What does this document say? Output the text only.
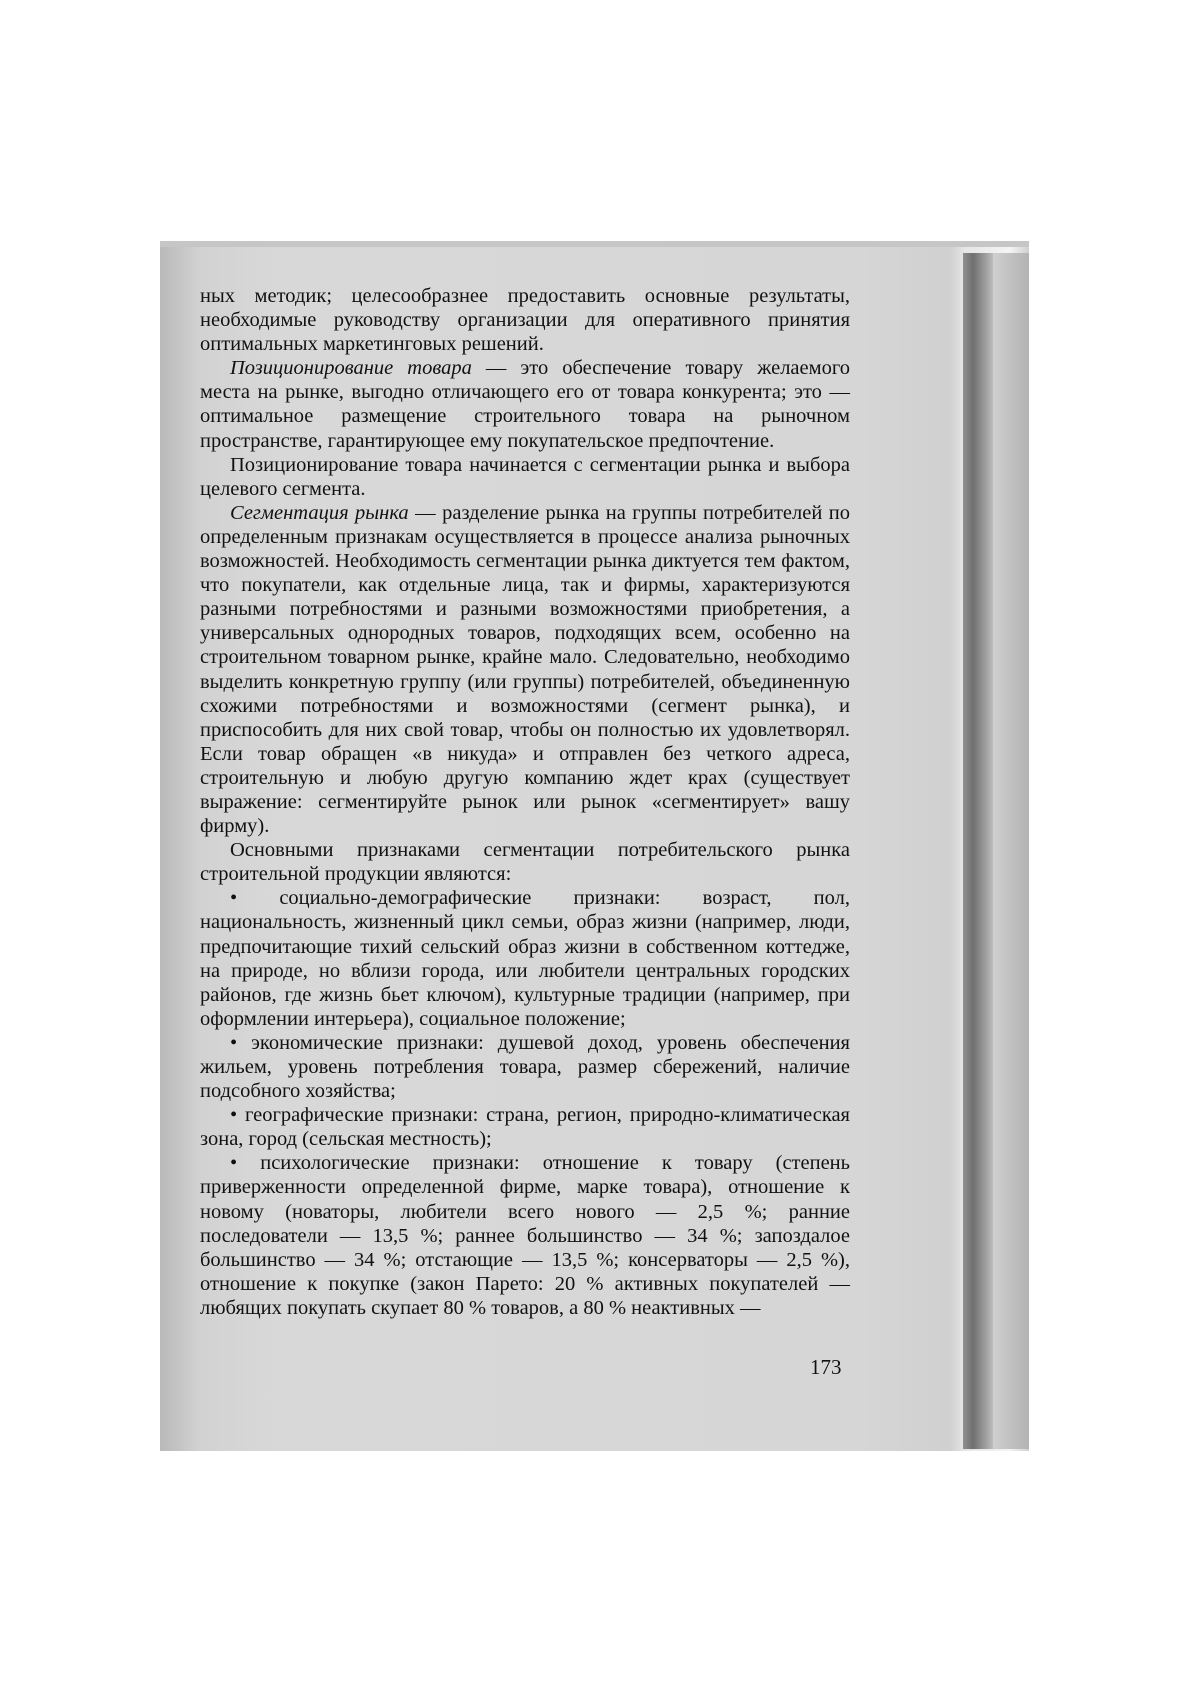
ных методик; целесообразнее предоставить основные результаты, необходимые руководству организации для оперативного принятия оптимальных маркетинговых решений.

Позиционирование товара — это обеспечение товару желаемого места на рынке, выгодно отличающего его от товара конкурента; это — оптимальное размещение строительного товара на рыночном пространстве, гарантирующее ему покупательское предпочтение.

Позиционирование товара начинается с сегментации рынка и выбора целевого сегмента.

Сегментация рынка — разделение рынка на группы потребителей по определенным признакам осуществляется в процессе анализа рыночных возможностей. Необходимость сегментации рынка диктуется тем фактом, что покупатели, как отдельные лица, так и фирмы, характеризуются разными потребностями и разными возможностями приобретения, а универсальных однородных товаров, подходящих всем, особенно на строительном товарном рынке, крайне мало. Следовательно, необходимо выделить конкретную группу (или группы) потребителей, объединенную схожими потребностями и возможностями (сегмент рынка), и приспособить для них свой товар, чтобы он полностью их удовлетворял. Если товар обращен «в никуда» и отправлен без четкого адреса, строительную и любую другую компанию ждет крах (существует выражение: сегментируйте рынок или рынок «сегментирует» вашу фирму).

Основными признаками сегментации потребительского рынка строительной продукции являются:

• социально-демографические признаки: возраст, пол, национальность, жизненный цикл семьи, образ жизни (например, люди, предпочитающие тихий сельский образ жизни в собственном коттедже, на природе, но вблизи города, или любители центральных городских районов, где жизнь бьет ключом), культурные традиции (например, при оформлении интерьера), социальное положение;

• экономические признаки: душевой доход, уровень обеспечения жильем, уровень потребления товара, размер сбережений, наличие подсобного хозяйства;

• географические признаки: страна, регион, природно-климатическая зона, город (сельская местность);

• психологические признаки: отношение к товару (степень приверженности определенной фирме, марке товара), отношение к новому (новаторы, любители всего нового — 2,5 %; ранние последователи — 13,5 %; раннее большинство — 34 %; запоздалое большинство — 34 %; отстающие — 13,5 %; консерваторы — 2,5 %), отношение к покупке (закон Парето: 20 % активных покупателей — любящих покупать скупает 80 % товаров, а 80 % неактивных —

173
